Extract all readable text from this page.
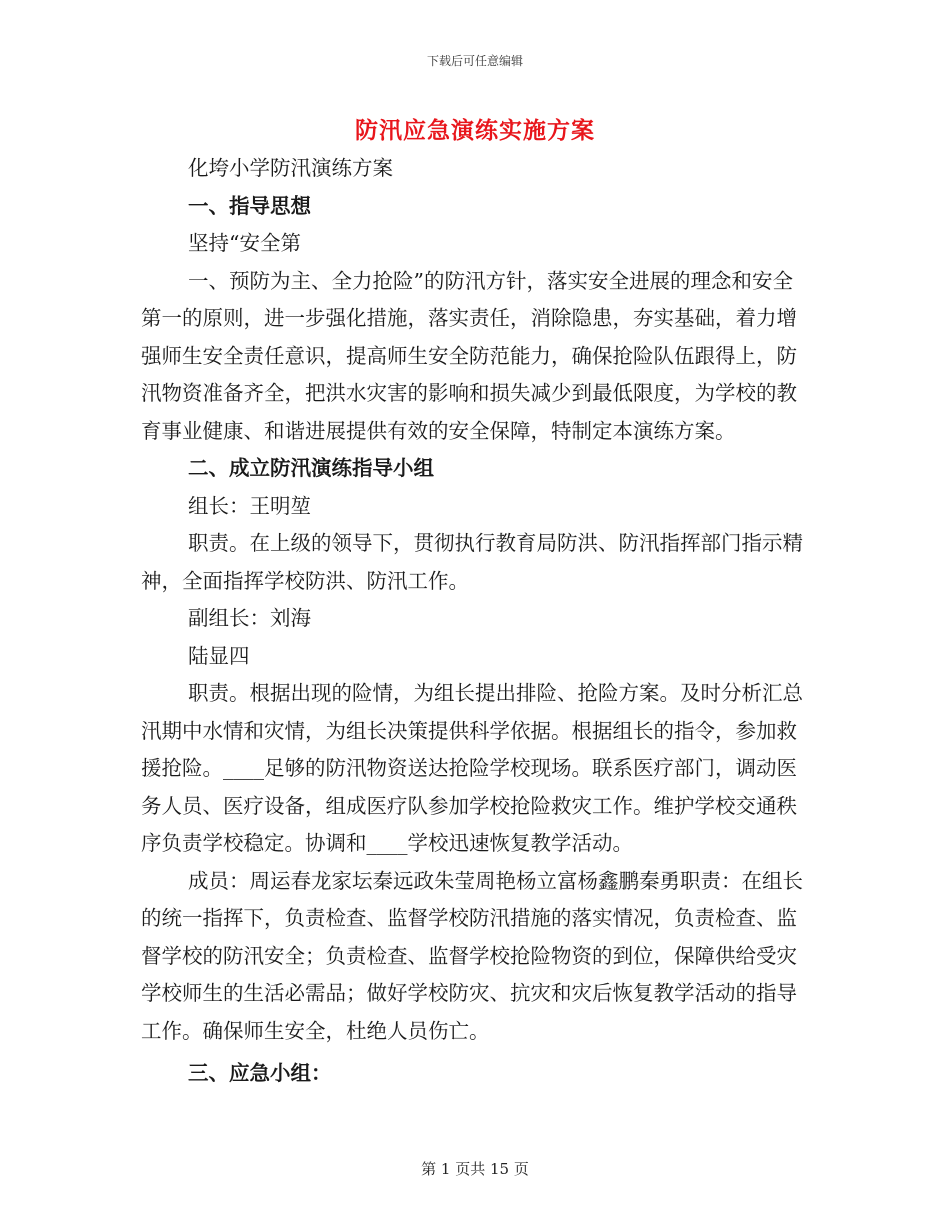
下载后可任意编辑
防汛应急演练实施方案

化垮小学防汛演练方案

一、指导思想

坚持“安全第

一、预防为主、全力抢险”的防汛方针，落实安全进展的理念和安全第一的原则，进一步强化措施，落实责任，消除隐患，夯实基础，着力增强师生安全责任意识，提高师生安全防范能力，确保抢险队伍跟得上，防汛物资准备齐全，把洪水灾害的影响和损失减少到最低限度，为学校的教育事业健康、和谐进展提供有效的安全保障，特制定本演练方案。

二、成立防汛演练指导小组

组长：王明堃

职责。在上级的领导下，贯彻执行教育局防洪、防汛指挥部门指示精神，全面指挥学校防洪、防汛工作。

副组长：刘海

陆显四

职责。根据出现的险情，为组长提出排险、抢险方案。及时分析汇总汛期中水情和灾情，为组长决策提供科学依据。根据组长的指令，参加救援抢险。____足够的防汛物资送达抢险学校现场。联系医疗部门，调动医务人员、医疗设备，组成医疗队参加学校抢险救灾工作。维护学校交通秩序负责学校稳定。协调和____学校迅速恢复教学活动。

成员：周运春龙家坛秦远政朱莹周艳杨立富杨鑫鹏秦勇职责：在组长的统一指挥下，负责检查、监督学校防汛措施的落实情况，负责检查、监督学校的防汛安全；负责检查、监督学校抢险物资的到位，保障供给受灾学校师生的生活必需品；做好学校防灾、抗灾和灾后恢复教学活动的指导工作。确保师生安全，杜绝人员伤亡。

三、应急小组：

第 1 页共 15 页
